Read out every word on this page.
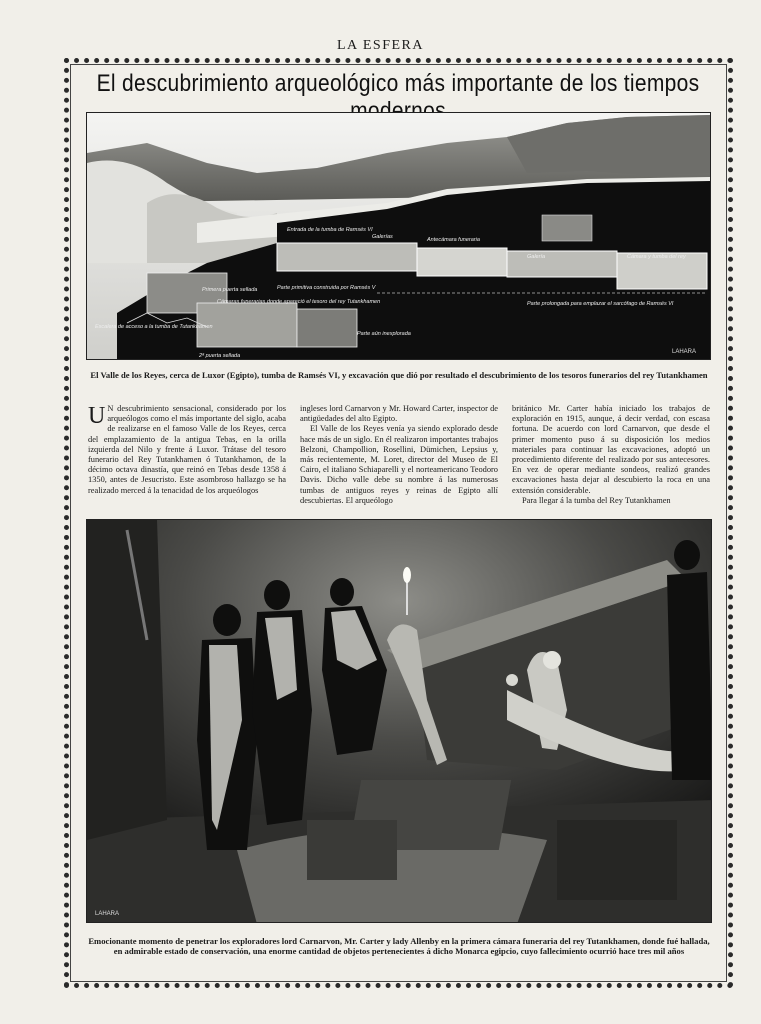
LA ESFERA
El descubrimiento arqueológico más importante de los tiempos
Entrada de la tumba de Ramsés VI
Galerías	Antecámara funeraria
Galería	Cámara y tumba del rey
Primera puerta sellada	Parte primitiva construida por Ramsés V
Parte prolongada para emplazar el sarcófago de Ramsés VI
Cámaras funerarias donde apareció el tesoro del rey Tutankhamen
Escalera de acceso a la tumba de Tutankhamen
2ª puerta sellada
Parte aún inexplorada
LAHARA
El Valle de los Reyes, cerca de Luxor (Egipto), tumba de Ramsés VI, y excavación que dió por resultado el descubrimiento de los tesoros funerarios del rey Tutankhamen

U N descubrimiento sensacional, considerado por los arqueólogos como el más importante del siglo, acaba de realizarse en el famoso Valle de los Reyes, cerca del emplazamiento de la antigua Tebas, en la orilla izquierda del Nilo y frente á Luxor. Trátase del tesoro funerario del Rey Tutankhamen ó Tutankhamon, de la décimo octava dinastía, que reinó en Tebas desde 1358 á 1350, antes de Jesucristo. Este asombroso hallazgo se ha realizado merced á la tenacidad de los arqueólogos

ingleses lord Carnarvon y Mr. Howard Carter, inspector de antigüedades del alto Egipto.

El Valle de los Reyes venía ya siendo explorado desde hace más de un siglo. En él realizaron importantes trabajos Belzoni, Champollion, Rosellini, Dümichen, Lepsius y, más recientemente, M. Loret, director del Museo de El Cairo, el italiano Schiaparelli y el norteamericano Teodoro Davis. Dicho valle debe su nombre á las numerosas tumbas de antiguos reyes y reinas de Egipto allí descubiertas. El arqueólogo

británico Mr. Carter había iniciado los trabajos de exploración en 1915, aunque, á decir verdad, con escasa fortuna. De acuerdo con lord Carnarvon, que desde el primer momento puso á su disposición los medios materiales para continuar las excavaciones, adoptó un procedimiento diferente del realizado por sus antecesores. En vez de operar mediante sondeos, realizó grandes excavaciones hasta dejar al descubierto la roca en una extensión considerable.

Para llegar á la tumba del Rey Tutankhamen

LAHARA
Emocionante momento de penetrar los exploradores lord Carnarvon, Mr. Carter y lady Allenby en la primera cámara funeraria del rey Tutankhamen, donde fué hallada, en admirable estado de conservación, una enorme cantidad de objetos pertenecientes á dicho Monarca egipcio, cuyo fallecimiento ocurrió hace tres mil años
